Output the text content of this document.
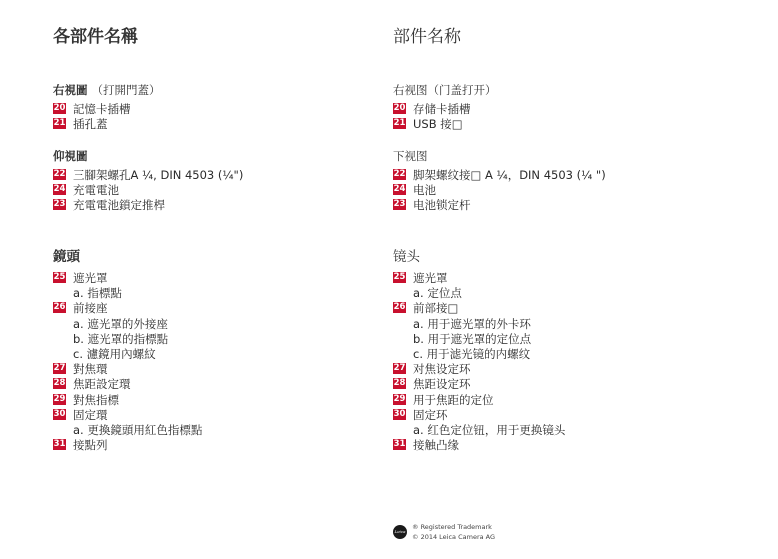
各部件名稱
右視圖 （打開門蓋）
20 記憶卡插槽
21 插孔蓋
仰視圖
22 三腳架螺孔A ¼, DIN 4503 (¼")
24 充電電池
23 充電電池鎖定推桿
鏡頭
25 遮光罩
a. 指標點
26 前接座
a. 遮光罩的外接座
b. 遮光罩的指標點
c. 濾鏡用內螺紋
27 對焦環
28 焦距設定環
29 對焦指標
30 固定環
a. 更換鏡頭用紅色指標點
31 接點列
部件名称
右视图（门盖打开）
20 存储卡插槽
21 USB 接□
下视图
22 脚架螺纹接□ A ¼，DIN 4503 (¼ ")
24 电池
23 电池锁定杆
镜头
25 遮光罩
a. 定位点
26 前部接□
a. 用于遮光罩的外卡环
b. 用于遮光罩的定位点
c. 用于滤光镜的内螺纹
27 对焦设定环
28 焦距设定环
29 用于焦距的定位
30 固定环
a. 红色定位钮，用于更换镜头
31 接触凸缘
Leica
® Registered Trademark
© 2014 Leica Camera AG
